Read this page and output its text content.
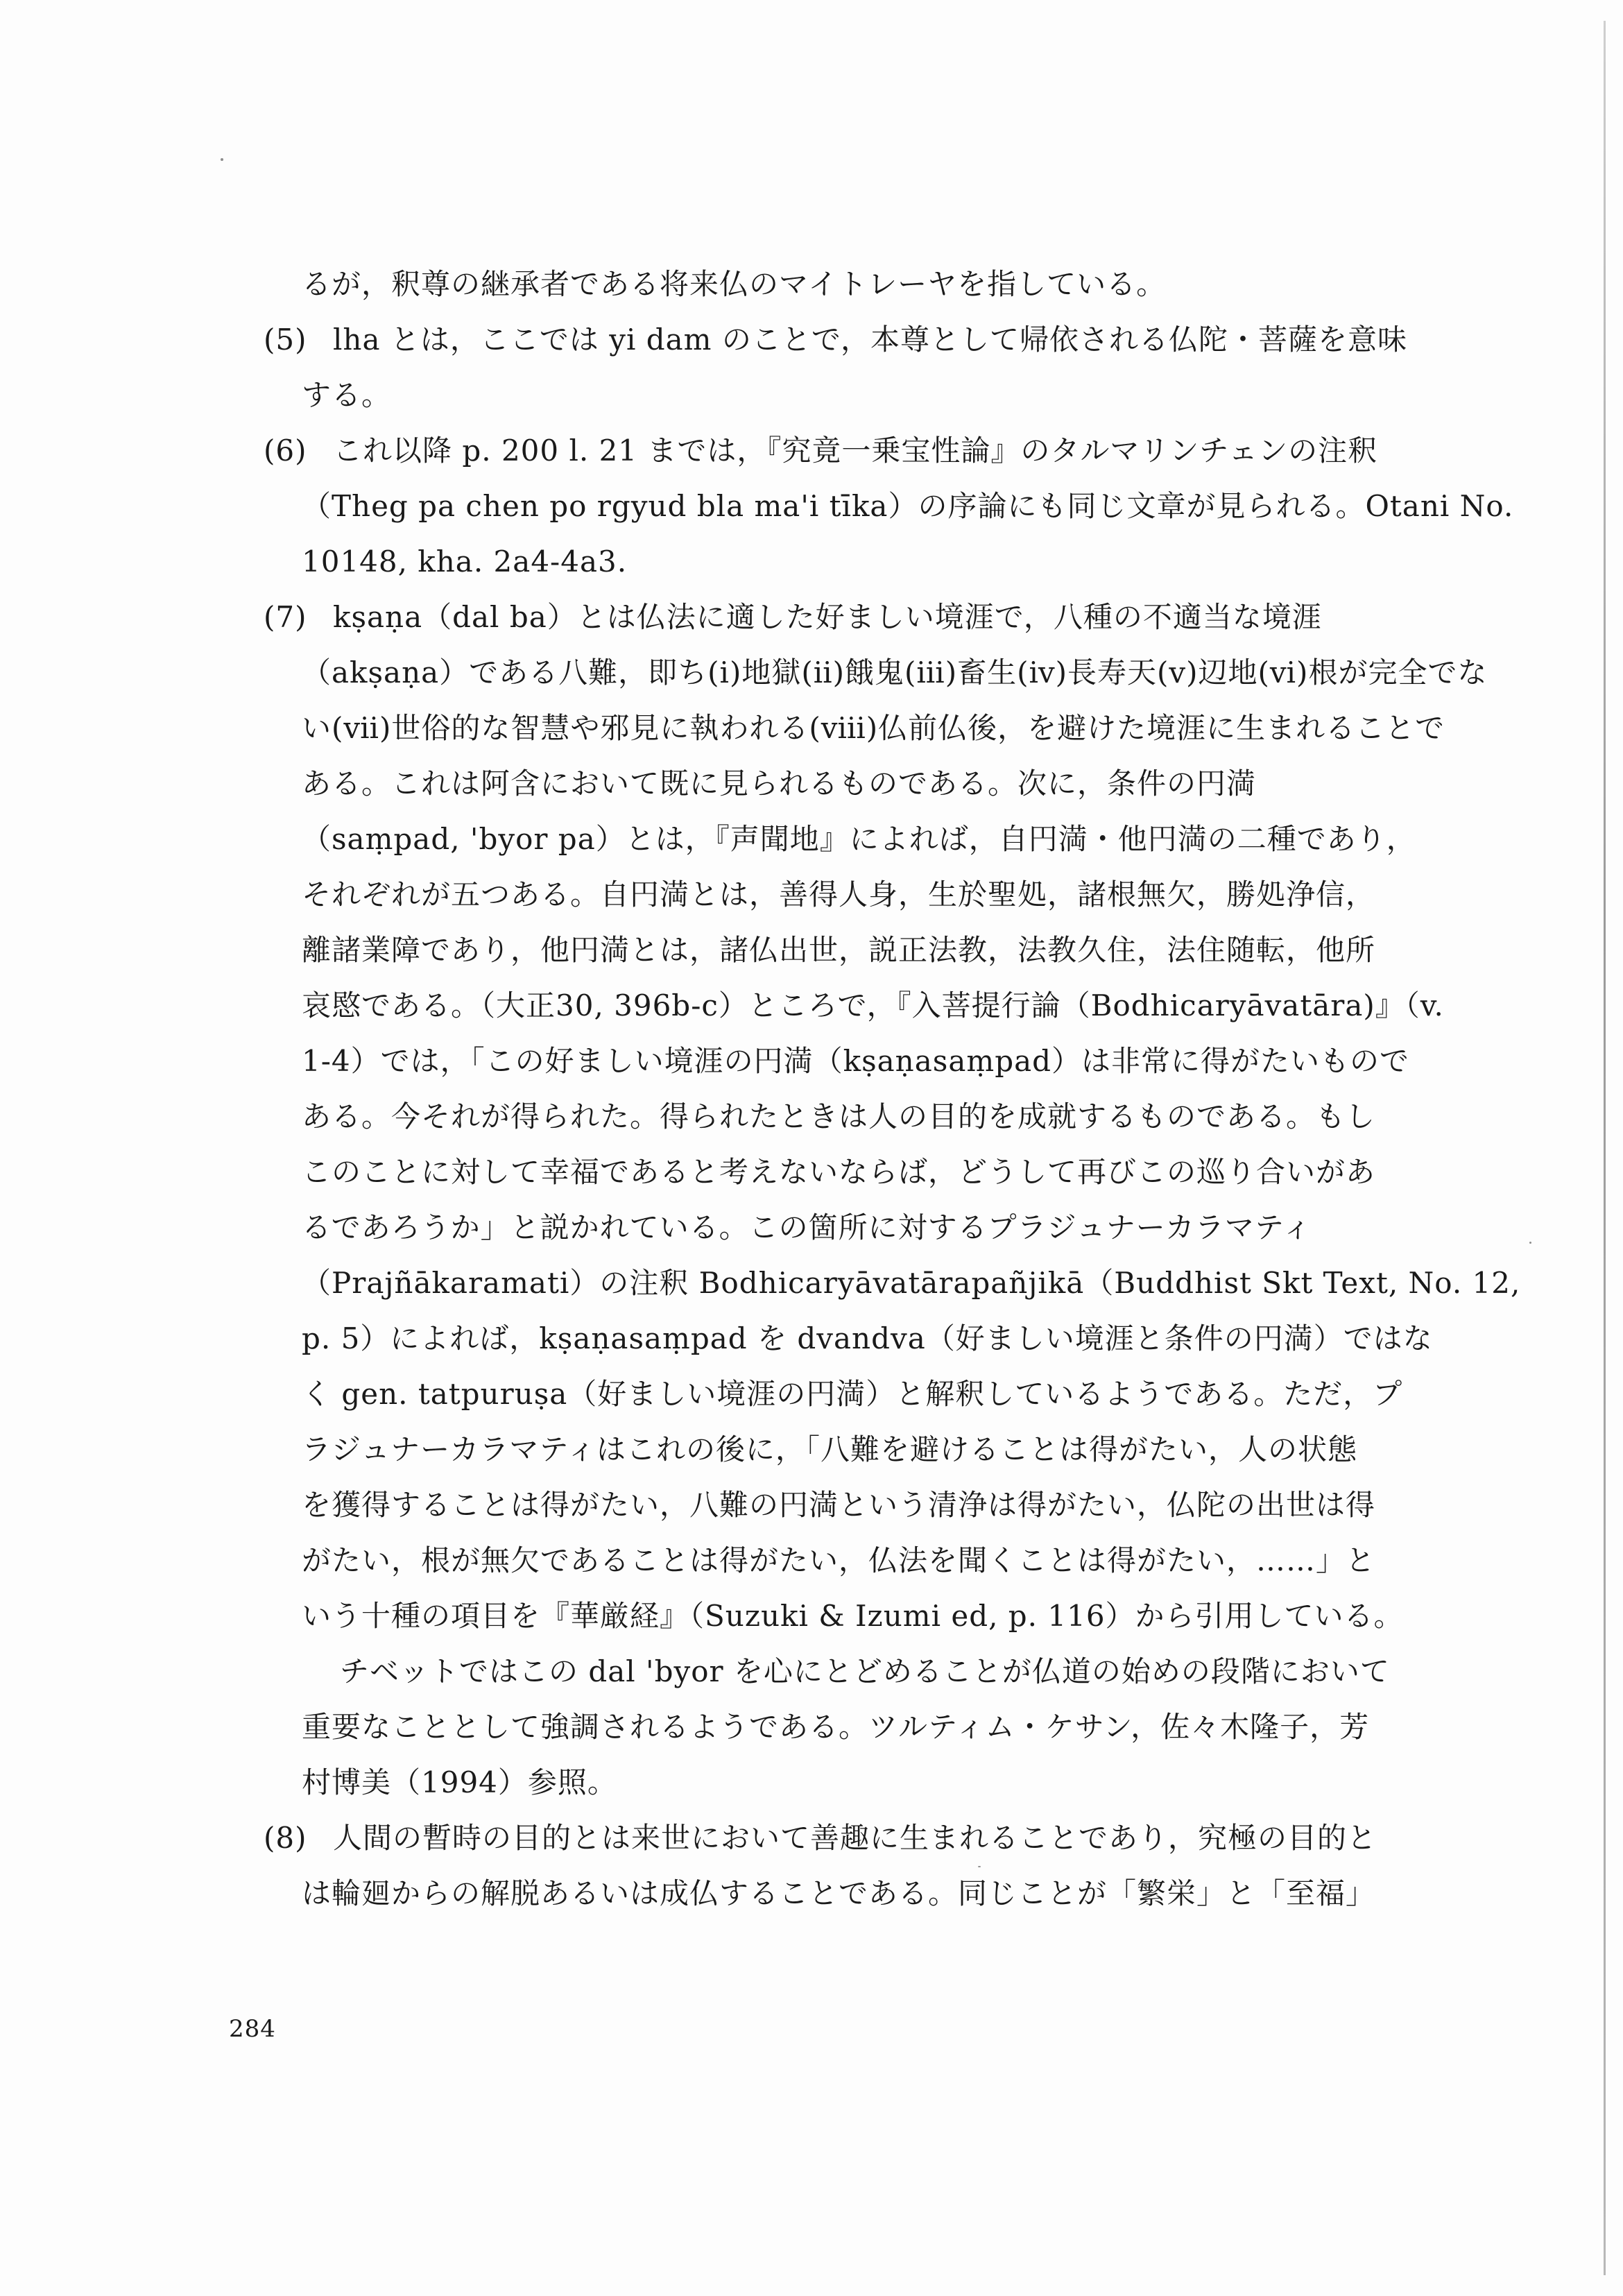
るが，釈尊の継承者である将来仏のマイトレーヤを指している。
(5) lha とは，ここでは yi dam のことで，本尊として帰依される仏陀・菩薩を意味
する。
(6) これ以降 p. 200 l. 21 までは，『究竟一乗宝性論』のタルマリンチェンの注釈
（Theg pa chen po rgyud bla ma'i tīka）の序論にも同じ文章が見られる。Otani No.
10148, kha. 2a4-4a3.
(7) kṣaṇa（dal ba）とは仏法に適した好ましい境涯で，八種の不適当な境涯
（akṣaṇa）である八難，即ち(ⅰ)地獄(ⅱ)餓鬼(ⅲ)畜生(ⅳ)長寿天(ⅴ)辺地(ⅵ)根が完全でな
い(ⅶ)世俗的な智慧や邪見に執われる(ⅷ)仏前仏後，を避けた境涯に生まれることで
ある。これは阿含において既に見られるものである。次に，条件の円満
（saṃpad, 'byor pa）とは，『声聞地』によれば，自円満・他円満の二種であり，
それぞれが五つある。自円満とは，善得人身，生於聖処，諸根無欠，勝処浄信，
離諸業障であり，他円満とは，諸仏出世，説正法教，法教久住，法住随転，他所
哀愍である。（大正30, 396b-c）ところで，『入菩提行論（Bodhicaryāvatāra)』（v.
1-4）では，「この好ましい境涯の円満（kṣaṇasaṃpad）は非常に得がたいもので
ある。今それが得られた。得られたときは人の目的を成就するものである。もし
このことに対して幸福であると考えないならば，どうして再びこの巡り合いがあ
るであろうか」と説かれている。この箇所に対するプラジュナーカラマティ
（Prajñākaramati）の注釈 Bodhicaryāvatārapañjikā（Buddhist Skt Text, No. 12,
p. 5）によれば，kṣaṇasaṃpad を dvandva（好ましい境涯と条件の円満）ではな
く gen. tatpuruṣa（好ましい境涯の円満）と解釈しているようである。ただ，プ
ラジュナーカラマティはこれの後に，「八難を避けることは得がたい，人の状態
を獲得することは得がたい，八難の円満という清浄は得がたい，仏陀の出世は得
がたい，根が無欠であることは得がたい，仏法を聞くことは得がたい，……」と
いう十種の項目を『華厳経』（Suzuki & Izumi ed, p. 116）から引用している。
チベットではこの dal 'byor を心にとどめることが仏道の始めの段階において
重要なこととして強調されるようである。ツルティム・ケサン，佐々木隆子，芳
村博美（1994）参照。
(8) 人間の暫時の目的とは来世において善趣に生まれることであり，究極の目的と
は輪廻からの解脱あるいは成仏することである。同じことが「繁栄」と「至福」
284
